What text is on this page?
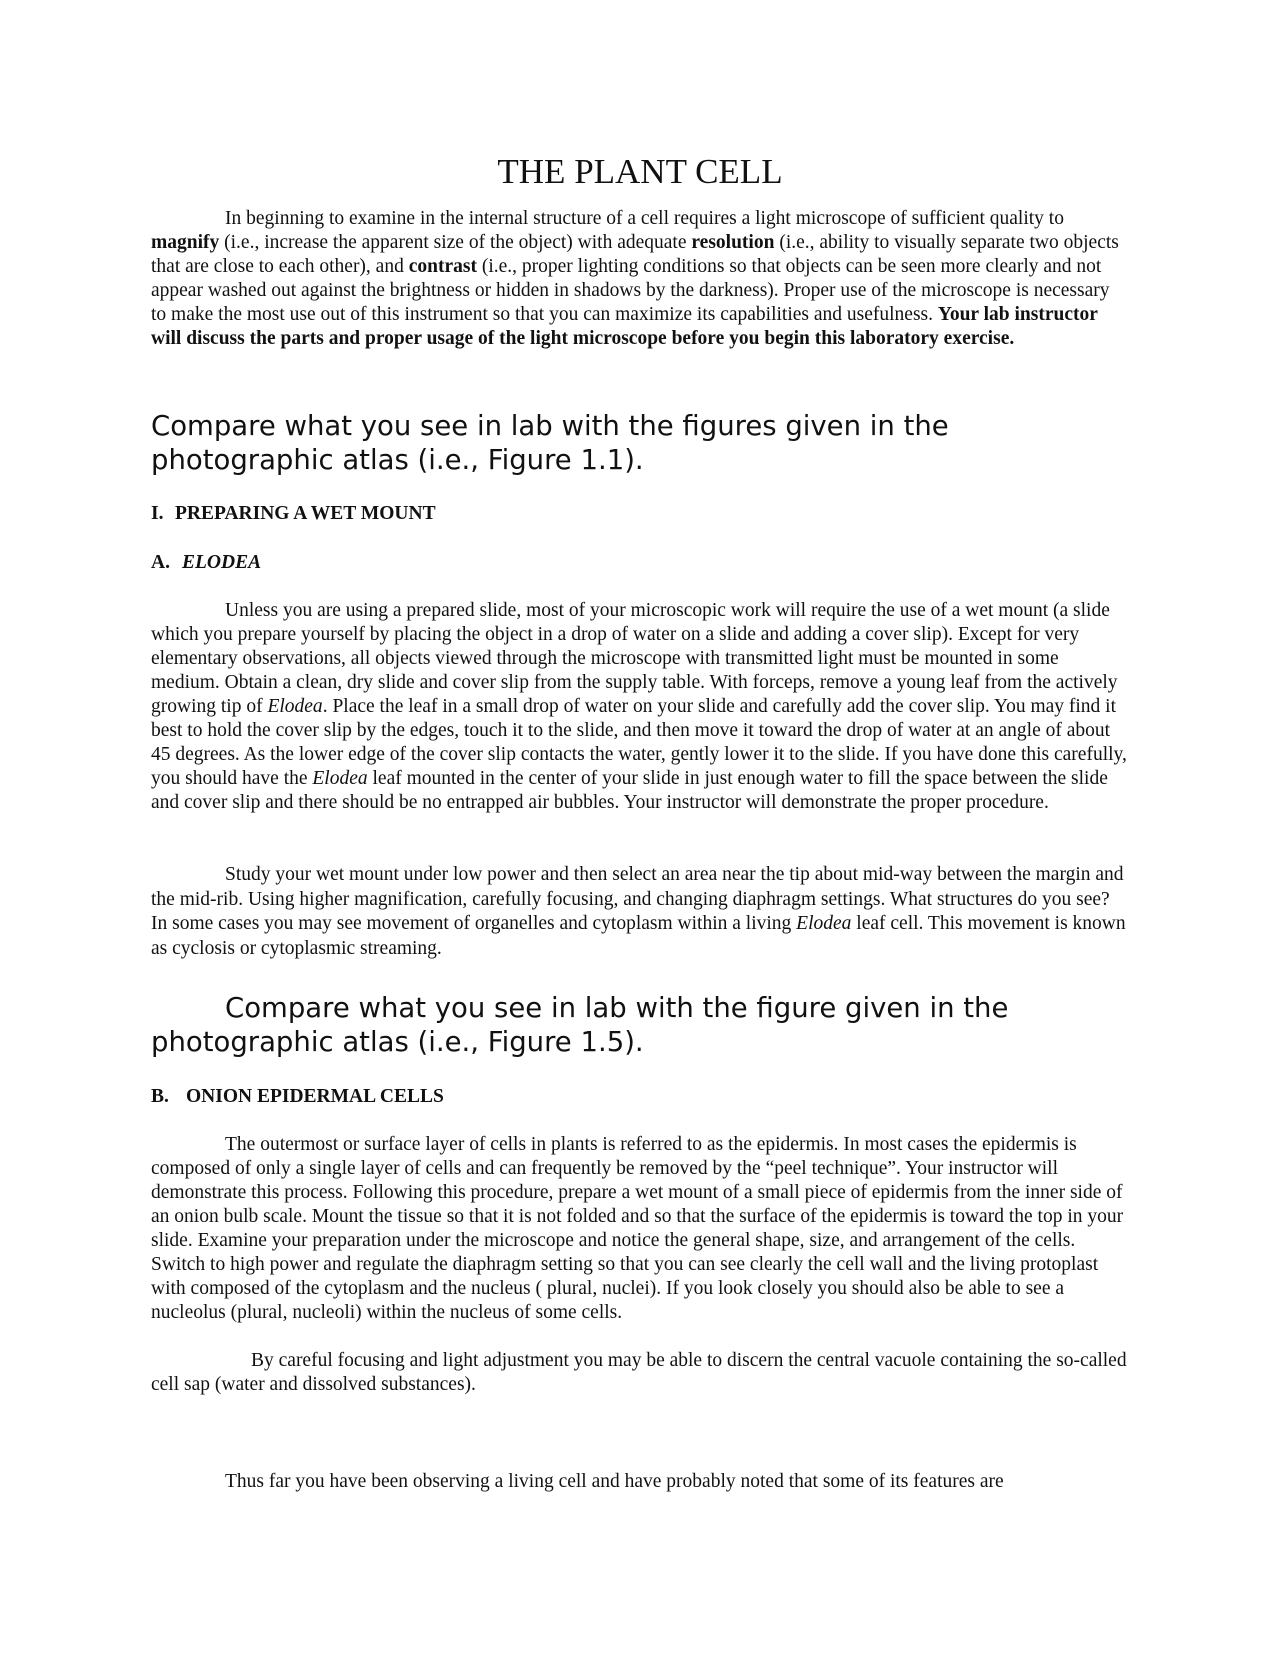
THE PLANT CELL

In beginning to examine in the internal structure of a cell requires a light microscope of sufficient quality to magnify (i.e., increase the apparent size of the object) with adequate resolution (i.e., ability to visually separate two objects that are close to each other), and contrast (i.e., proper lighting conditions so that objects can be seen more clearly and not appear washed out against the brightness or hidden in shadows by the darkness). Proper use of the microscope is necessary to make the most use out of this instrument so that you can maximize its capabilities and usefulness. Your lab instructor will discuss the parts and proper usage of the light microscope before you begin this laboratory exercise.

Compare what you see in lab with the figures given in the photographic atlas (i.e., Figure 1.1).

I. PREPARING A WET MOUNT

A. ELODEA

Unless you are using a prepared slide, most of your microscopic work will require the use of a wet mount (a slide which you prepare yourself by placing the object in a drop of water on a slide and adding a cover slip). Except for very elementary observations, all objects viewed through the microscope with transmitted light must be mounted in some medium. Obtain a clean, dry slide and cover slip from the supply table. With forceps, remove a young leaf from the actively growing tip of Elodea. Place the leaf in a small drop of water on your slide and carefully add the cover slip. You may find it best to hold the cover slip by the edges, touch it to the slide, and then move it toward the drop of water at an angle of about 45 degrees. As the lower edge of the cover slip contacts the water, gently lower it to the slide. If you have done this carefully, you should have the Elodea leaf mounted in the center of your slide in just enough water to fill the space between the slide and cover slip and there should be no entrapped air bubbles. Your instructor will demonstrate the proper procedure.

Study your wet mount under low power and then select an area near the tip about mid-way between the margin and the mid-rib. Using higher magnification, carefully focusing, and changing diaphragm settings. What structures do you see? In some cases you may see movement of organelles and cytoplasm within a living Elodea leaf cell. This movement is known as cyclosis or cytoplasmic streaming.

Compare what you see in lab with the figure given in the photographic atlas (i.e., Figure 1.5).

B. ONION EPIDERMAL CELLS

The outermost or surface layer of cells in plants is referred to as the epidermis. In most cases the epidermis is composed of only a single layer of cells and can frequently be removed by the “peel technique”. Your instructor will demonstrate this process. Following this procedure, prepare a wet mount of a small piece of epidermis from the inner side of an onion bulb scale. Mount the tissue so that it is not folded and so that the surface of the epidermis is toward the top in your slide. Examine your preparation under the microscope and notice the general shape, size, and arrangement of the cells. Switch to high power and regulate the diaphragm setting so that you can see clearly the cell wall and the living protoplast with composed of the cytoplasm and the nucleus ( plural, nuclei). If you look closely you should also be able to see a nucleolus (plural, nucleoli) within the nucleus of some cells.

By careful focusing and light adjustment you may be able to discern the central vacuole containing the so-called cell sap (water and dissolved substances).

Thus far you have been observing a living cell and have probably noted that some of its features are
